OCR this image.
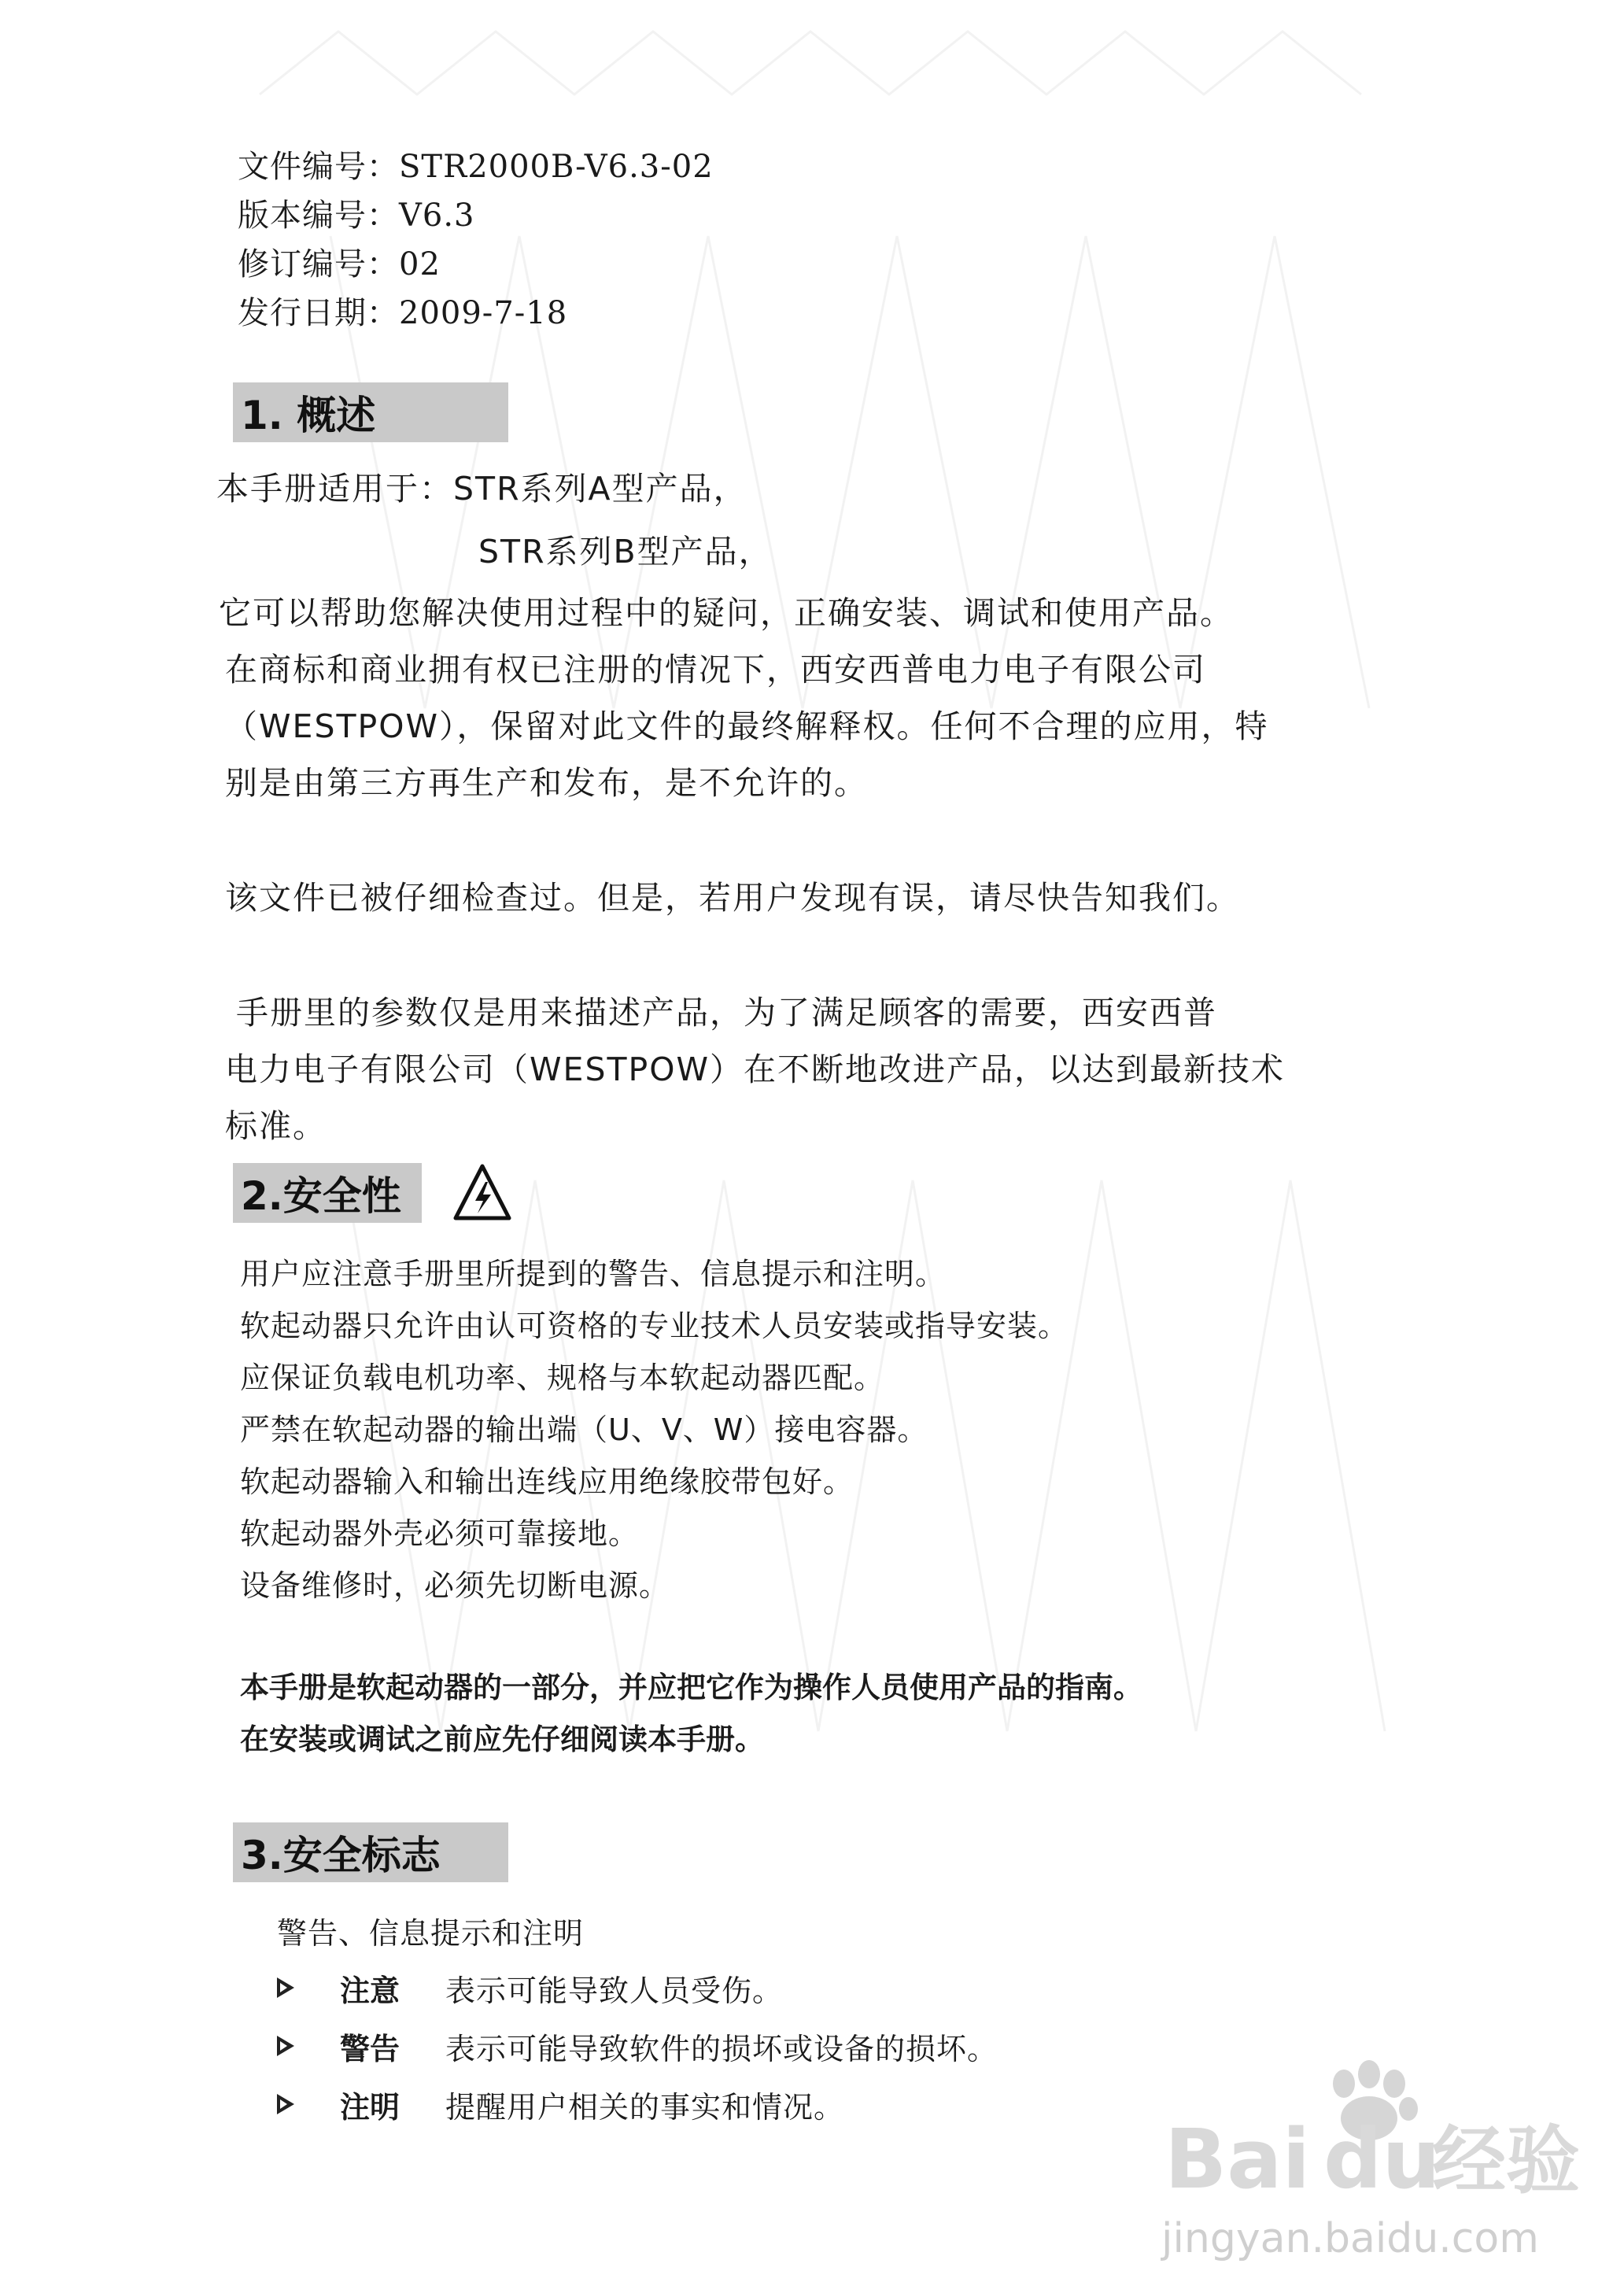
文件编号：STR2000B-V6.3-02
版本编号：V6.3
修订编号：02
发行日期：2009-7-18
1. 概述
本手册适用于：STR系列A型产品，
STR系列B型产品，
它可以帮助您解决使用过程中的疑问，正确安装、调试和使用产品。
在商标和商业拥有权已注册的情况下，西安西普电力电子有限公司
（WESTPOW），保留对此文件的最终解释权。任何不合理的应用，特
别是由第三方再生产和发布，是不允许的。
该文件已被仔细检查过。但是，若用户发现有误，请尽快告知我们。
手册里的参数仅是用来描述产品，为了满足顾客的需要，西安西普
电力电子有限公司（WESTPOW）在不断地改进产品，以达到最新技术
标准。
2.安全性
用户应注意手册里所提到的警告、信息提示和注明。
软起动器只允许由认可资格的专业技术人员安装或指导安装。
应保证负载电机功率、规格与本软起动器匹配。
严禁在软起动器的输出端（U、V、W）接电容器。
软起动器输入和输出连线应用绝缘胶带包好。
软起动器外壳必须可靠接地。
设备维修时，必须先切断电源。
本手册是软起动器的一部分，并应把它作为操作人员使用产品的指南。
在安装或调试之前应先仔细阅读本手册。
3.安全标志
警告、信息提示和注明
注意 表示可能导致人员受伤。
警告 表示可能导致软件的损坏或设备的损坏。
注明 提醒用户相关的事实和情况。
Bai du
经验
jingyan.baidu.com
